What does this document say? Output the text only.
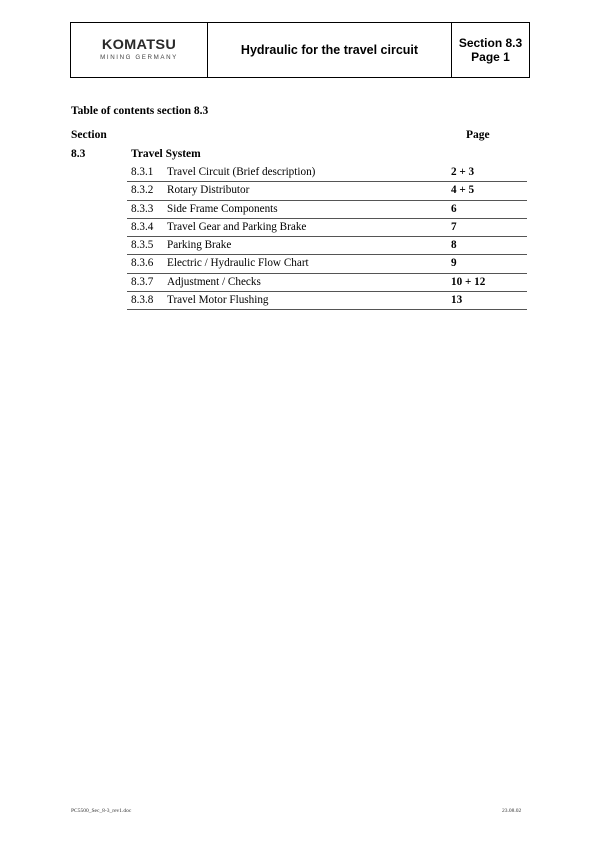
KOMATSU
MINING GERMANY
Hydraulic for the travel circuit	Section 8.3
Page 1
Table of contents section 8.3
Section	Page
8.3	Travel System
8.3.1 Travel Circuit (Brief description)	2 + 3
8.3.2 Rotary Distributor	4 + 5
8.3.3 Side Frame Components	6
8.3.4 Travel Gear and Parking Brake	7
8.3.5 Parking Brake	8
8.3.6 Electric / Hydraulic Flow Chart	9
8.3.7 Adjustment / Checks	10 + 12
8.3.8 Travel Motor Flushing	13
PC5500_Sec_8-3_rev1.doc	23.08.02
